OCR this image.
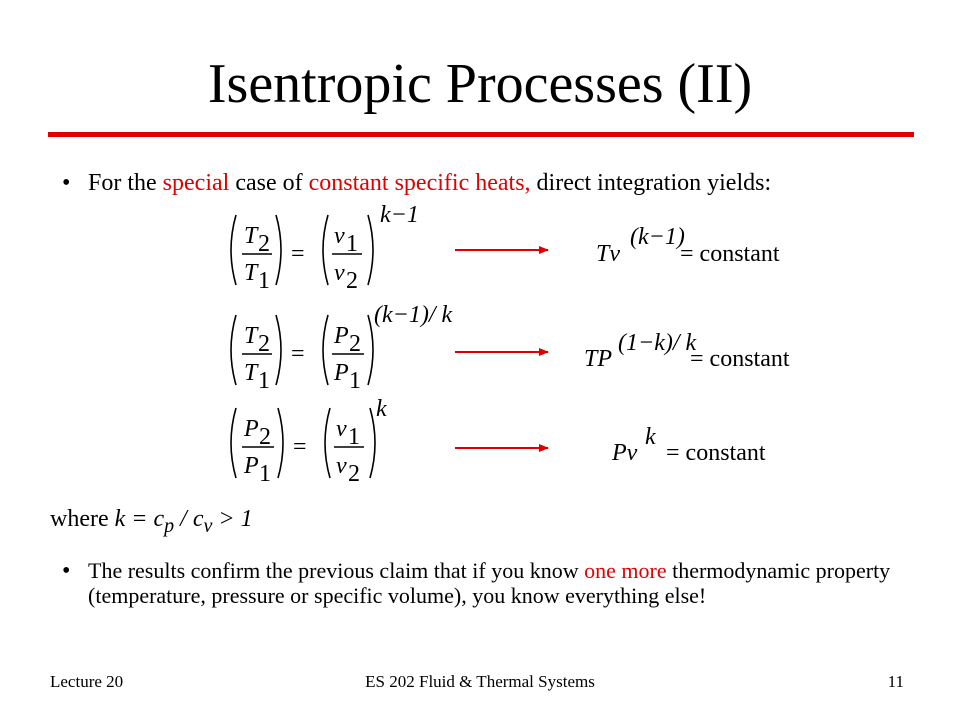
Isentropic Processes (II)
• For the special case of constant specific heats, direct integration yields:
T 2
T 1
=
v 1
v 2
k−1
Tv
(k−1)
= constant
T 2
T 1
=
P 2
P 1
(k−1)/ k
TP
(1−k)/ k
= constant
P 2
P 1
=
v 1
v 2
k
Pv
k
= constant
where $k = c_p / c_v > 1$
• The results confirm the previous claim that if you know one more thermodynamic property (temperature, pressure or specific volume), you know everything else!
Lecture 20	ES 202 Fluid & Thermal Systems	11
